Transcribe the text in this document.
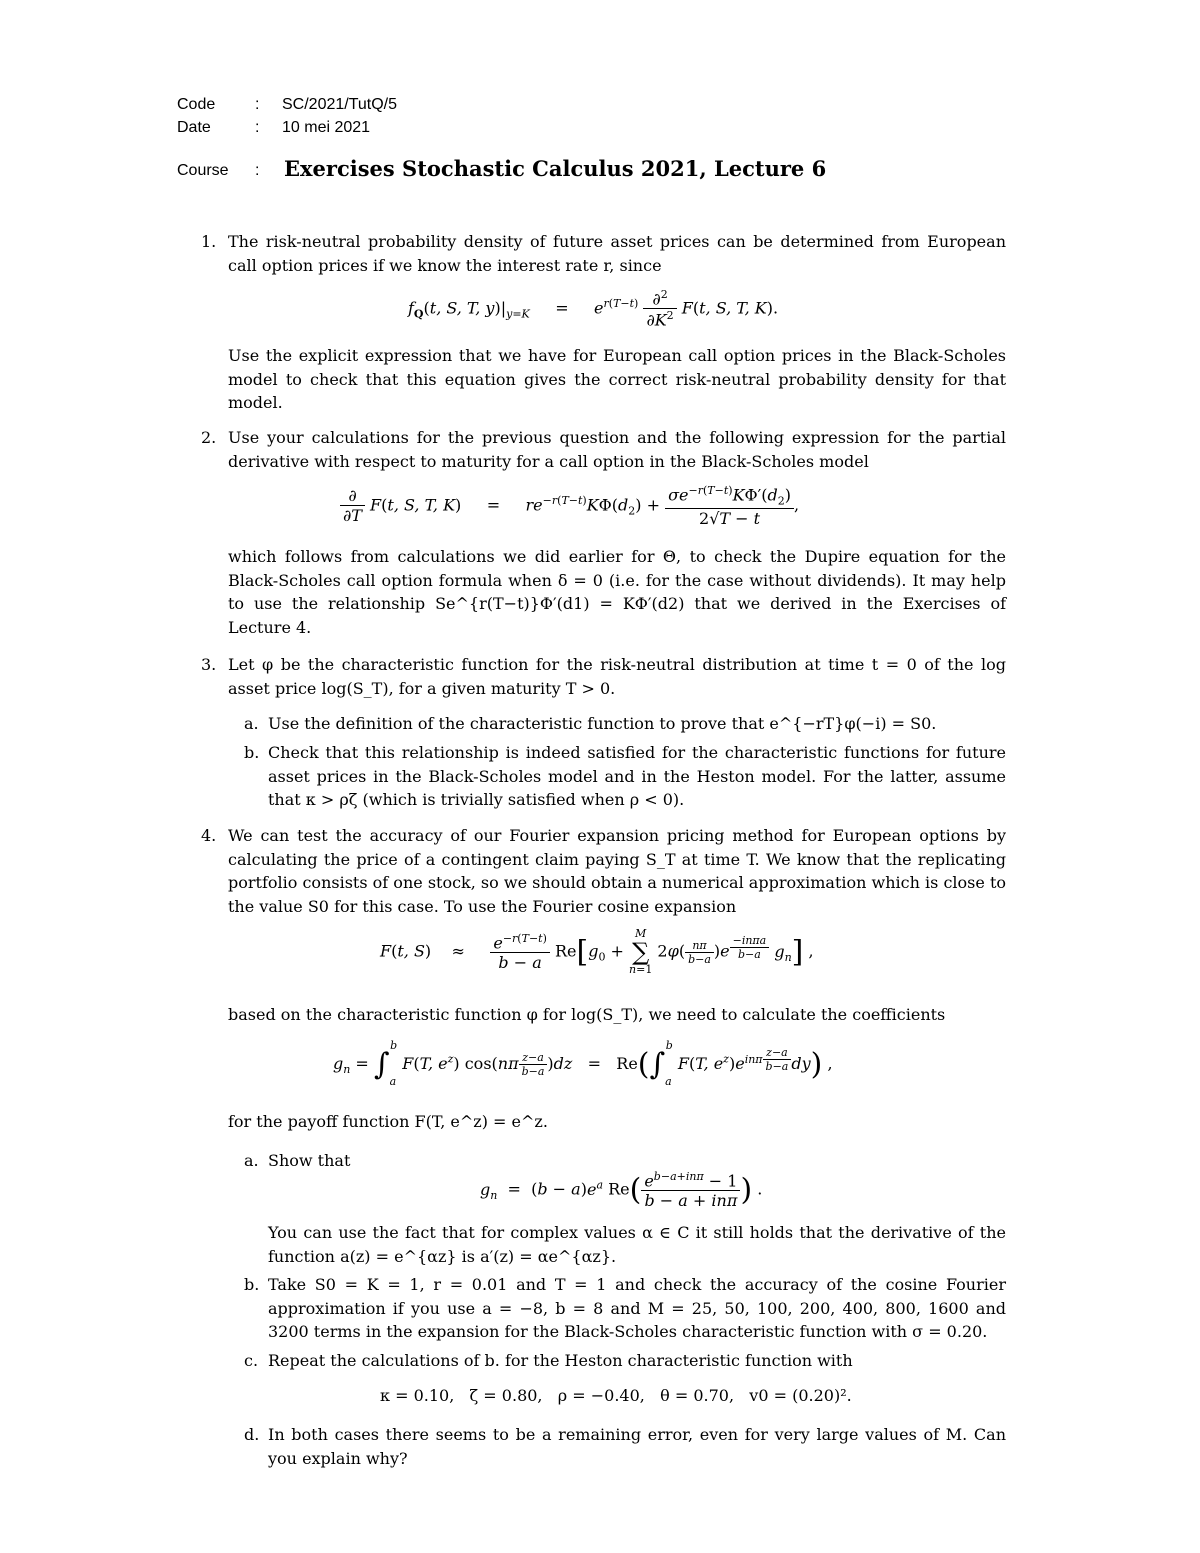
Code	: SC/2021/TutQ/5
Date	: 10 mei 2021
Course	: Exercises Stochastic Calculus 2021, Lecture 6
1. The risk-neutral probability density of future asset prices can be determined from European call option prices if we know the interest rate r, since
$f_Q(t$, S, T, $y)|_{y=K}$     =     $e^{r(T-t)} \frac{\partial^2}{\partial K^2} F(t$, S, T, K).
Use the explicit expression that we have for European call option prices in the Black-Scholes model to check that this equation gives the correct risk-neutral probability density for that model.
2. Use your calculations for the previous question and the following expression for the partial derivative with respect to maturity for a call option in the Black-Scholes model
$\frac{\partial}{\partial T} F(t$, S, T, K)     =     $re^{-r(T-t)}K\Phi(d_2) + \frac{\sigma e^{-r(T-t)}K\Phi'(d_2)}{2√T - t}$ ,
which follows from calculations we did earlier for Θ, to check the Dupire equation for the Black-Scholes call option formula when δ = 0 (i.e. for the case without dividends). It may help to use the relationship Se^{r(T−t)}Φ′(d1) = KΦ′(d2) that we derived in the Exercises of Lecture 4.
3. Let φ be the characteristic function for the risk-neutral distribution at time t = 0 of the log asset price log(S_T), for a given maturity T > 0.
a. Use the definition of the characteristic function to prove that e^{−rT}φ(−i) = S0.
b. Check that this relationship is indeed satisfied for the characteristic functions for future asset prices in the Black-Scholes model and in the Heston model. For the latter, assume that κ > ρζ (which is trivially satisfied when ρ < 0).
4. We can test the accuracy of our Fourier expansion pricing method for European options by calculating the price of a contingent claim paying S_T at time T. We know that the replicating portfolio consists of one stock, so we should obtain a numerical approximation which is close to the value S0 for this case. To use the Fourier cosine expansion
F(t, S)    ≈ $\frac{e^{-r(T-t)}}{b - a} Re[g_0 + M$
∑
n=1 $2\varphi( \frac{n\pi}{b-a} )e$ $^{\frac{\text{−inπa}}{b-a}}$ $g_n$] ,
based on the characteristic function φ for log(S_T), we need to calculate the coefficients
$g_n = \int_a^b$ F(T, $e^z$) $\cos(n\pi \frac{z-a}{b-a} )dz = Re(\int_a^b$ F(T, $e^z)e^{in\pi \frac{z-a}{b-a}}$ dy) ,
for the payoff function F(T, e^z) = e^z.
a. Show that
$g_n = (b - a)e^a$ $Re( \frac{e^{b-a+in\pi} - 1}{\text{b − a + inπ}}$ ) .
You can use the fact that for complex values α ∈ C it still holds that the derivative of the function a(z) = e^{αz} is a′(z) = αe^{αz}.
b. Take S0 = K = 1, r = 0.01 and T = 1 and check the accuracy of the cosine Fourier approximation if you use a = −8, b = 8 and M = 25, 50, 100, 200, 400, 800, 1600 and 3200 terms in the expansion for the Black-Scholes characteristic function with σ = 0.20.
c. Repeat the calculations of b. for the Heston characteristic function with
κ = 0.10,   ζ = 0.80,   ρ = −0.40,   θ = 0.70,   v0 = (0.20)².
d. In both cases there seems to be a remaining error, even for very large values of M. Can you explain why?
